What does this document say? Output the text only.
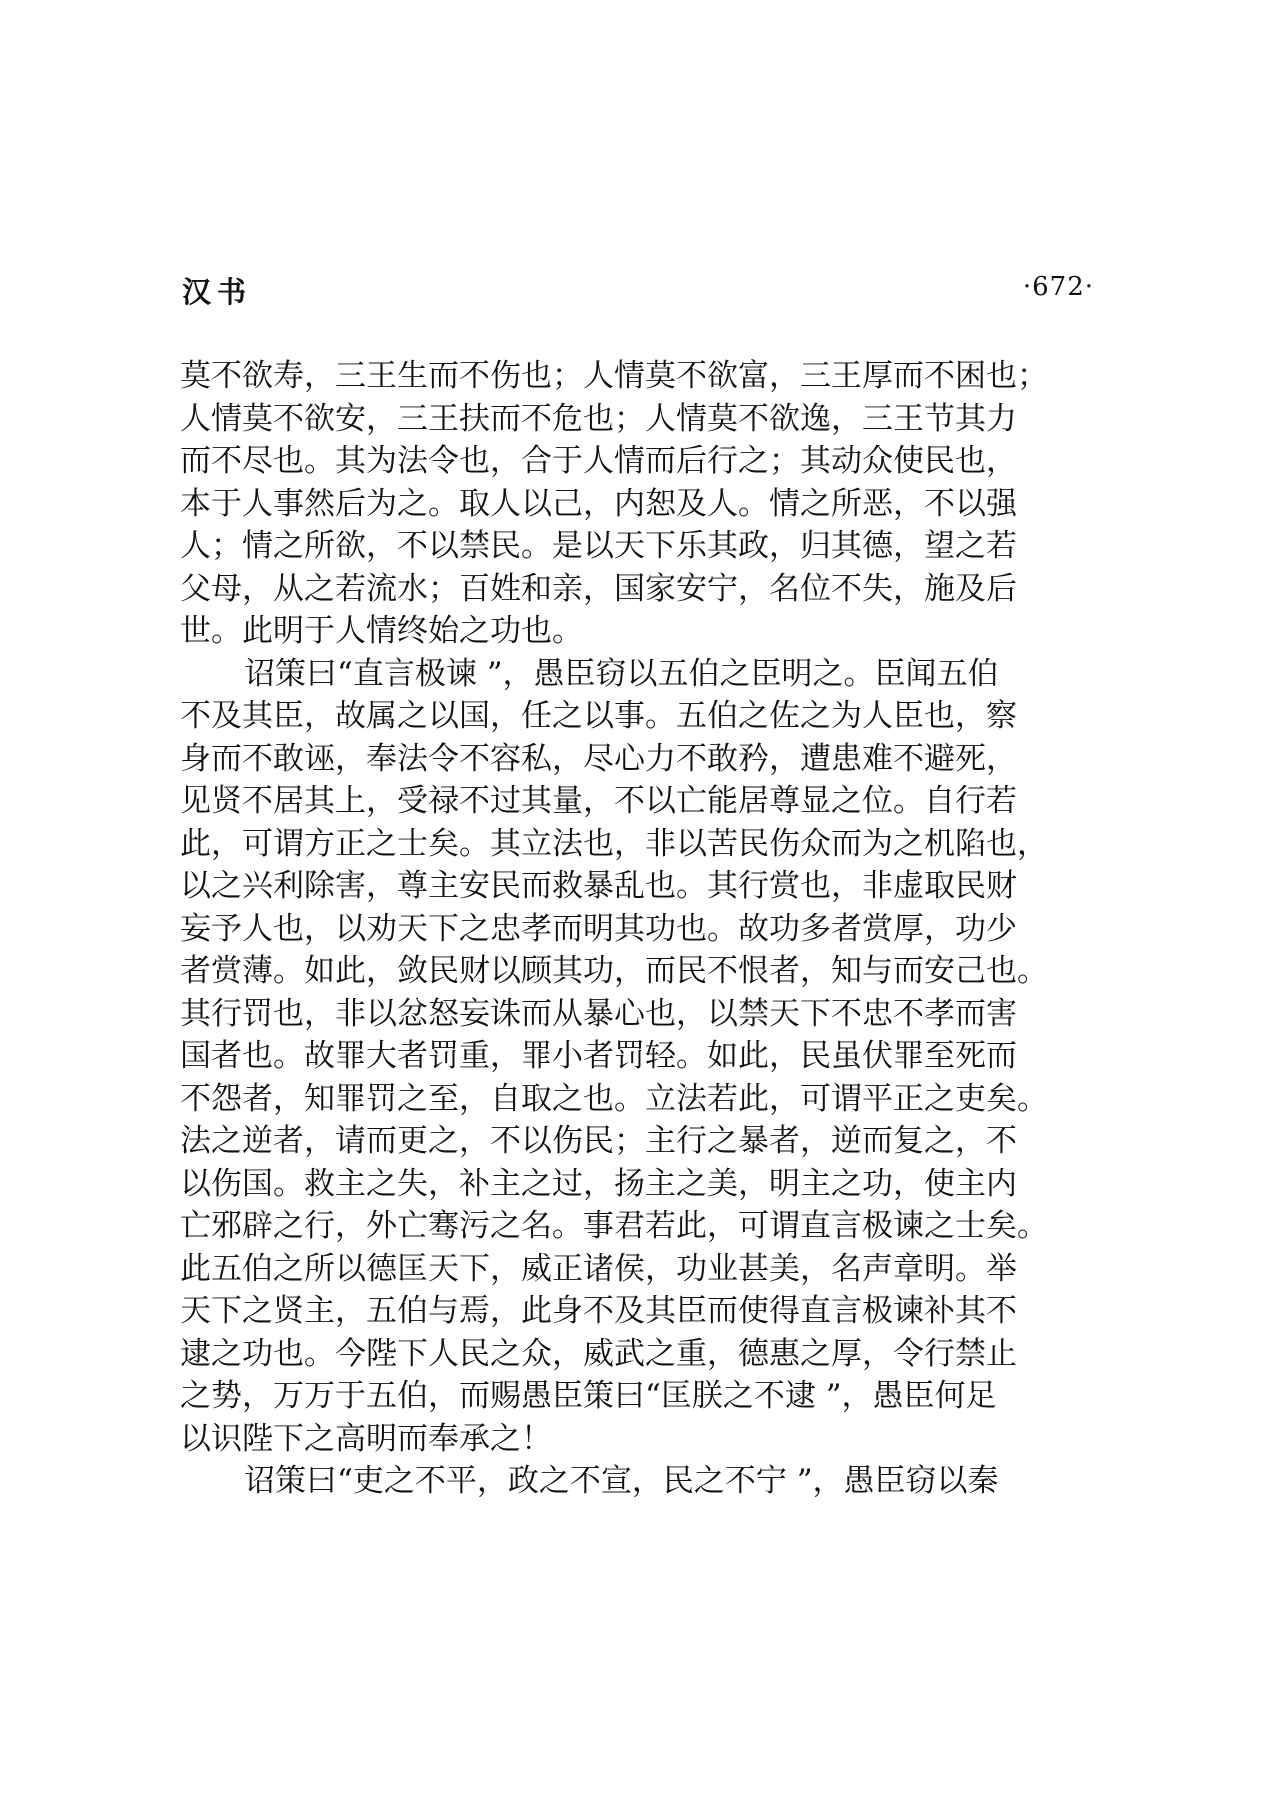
汉书	·672·
莫不欲寿，三王生而不伤也；人情莫不欲富，三王厚而不困也；
人情莫不欲安，三王扶而不危也；人情莫不欲逸，三王节其力
而不尽也。其为法令也，合于人情而后行之；其动众使民也，
本于人事然后为之。取人以己，内恕及人。情之所恶，不以强
人；情之所欲，不以禁民。是以天下乐其政，归其德，望之若
父母，从之若流水；百姓和亲，国家安宁，名位不失，施及后
世。此明于人情终始之功也。
诏策曰“直言极谏 ”，愚臣窃以五伯之臣明之。臣闻五伯
不及其臣，故属之以国，任之以事。五伯之佐之为人臣也，察
身而不敢诬，奉法令不容私，尽心力不敢矜，遭患难不避死，
见贤不居其上，受禄不过其量，不以亡能居尊显之位。自行若
此，可谓方正之士矣。其立法也，非以苦民伤众而为之机陷也，
以之兴利除害，尊主安民而救暴乱也。其行赏也，非虚取民财
妄予人也，以劝天下之忠孝而明其功也。故功多者赏厚，功少
者赏薄。如此，敛民财以顾其功，而民不恨者，知与而安己也。
其行罚也，非以忿怒妄诛而从暴心也，以禁天下不忠不孝而害
国者也。故罪大者罚重，罪小者罚轻。如此，民虽伏罪至死而
不怨者，知罪罚之至，自取之也。立法若此，可谓平正之吏矣。
法之逆者，请而更之，不以伤民；主行之暴者，逆而复之，不
以伤国。救主之失，补主之过，扬主之美，明主之功，使主内
亡邪辟之行，外亡骞污之名。事君若此，可谓直言极谏之士矣。
此五伯之所以德匡天下，威正诸侯，功业甚美，名声章明。举
天下之贤主，五伯与焉，此身不及其臣而使得直言极谏补其不
逮之功也。今陛下人民之众，威武之重，德惠之厚，令行禁止
之势，万万于五伯，而赐愚臣策曰“匡朕之不逮 ”，愚臣何足
以识陛下之高明而奉承之！
诏策曰“吏之不平，政之不宣，民之不宁 ”，愚臣窃以秦
